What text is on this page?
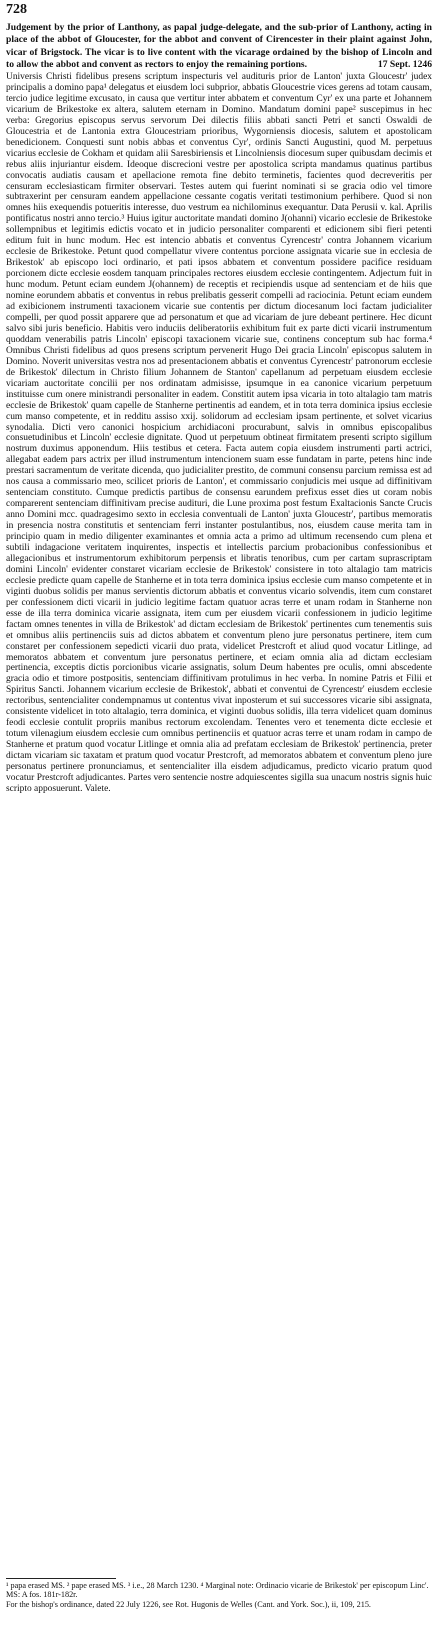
728
Judgement by the prior of Lanthony, as papal judge-delegate, and the sub-prior of Lanthony, acting in place of the abbot of Gloucester, for the abbot and convent of Cirencester in their plaint against John, vicar of Brigstock. The vicar is to live content with the vicarage ordained by the bishop of Lincoln and to allow the abbot and convent as rectors to enjoy the remaining portions.	17 Sept. 1246

Universis Christi fidelibus presens scriptum inspecturis vel audituris prior de Lanton' juxta Gloucestr' judex principalis a domino papa¹ delegatus et eiusdem loci subprior, abbatis Gloucestrie vices gerens ad totam causam, tercio judice legitime excusato, in causa que vertitur inter abbatem et conventum Cyr' ex una parte et Johannem vicarium de Brikestoke ex altera, salutem eternam in Domino. Mandatum domini pape² suscepimus in hec verba: Gregorius episcopus servus servorum Dei dilectis filiis abbati sancti Petri et sancti Oswaldi de Gloucestria et de Lantonia extra Gloucestriam prioribus, Wygorniensis diocesis, salutem et apostolicam benedicionem. Conquesti sunt nobis abbas et conventus Cyr', ordinis Sancti Augustini, quod M. perpetuus vicarius ecclesie de Cokham et quidam alii Saresbiriensis et Lincolniensis diocesum super quibusdam decimis et rebus aliis injuriantur eisdem. Ideoque discrecioni vestre per apostolica scripta mandamus quatinus partibus convocatis audiatis causam et apellacione remota fine debito terminetis, facientes quod decreveritis per censuram ecclesiasticam firmiter observari. Testes autem qui fuerint nominati si se gracia odio vel timore subtraxerint per censuram eandem appellacione cessante cogatis veritati testimonium perhibere. Quod si non omnes hiis exequendis potueritis interesse, duo vestrum ea nichilominus exequantur. Data Perusii v. kal. Aprilis pontificatus nostri anno tercio.³ Huius igitur auctoritate mandati domino J(ohanni) vicario ecclesie de Brikestoke sollempnibus et legitimis edictis vocato et in judicio personaliter comparenti et edicionem sibi fieri petenti editum fuit in hunc modum. Hec est intencio abbatis et conventus Cyrencestr' contra Johannem vicarium ecclesie de Brikestoke. Petunt quod compellatur vivere contentus porcione assignata vicarie sue in ecclesia de Brikestok' ab episcopo loci ordinario, et pati ipsos abbatem et conventum possidere pacifice residuam porcionem dicte ecclesie eosdem tanquam principales rectores eiusdem ecclesie contingentem. Adjectum fuit in hunc modum. Petunt eciam eundem J(ohannem) de receptis et recipiendis usque ad sentenciam et de hiis que nomine eorundem abbatis et conventus in rebus prelibatis gesserit compelli ad raciocinia. Petunt eciam eundem ad exibicionem instrumenti taxacionem vicarie sue contentis per dictum diocesanum loci factam judicialiter compelli, per quod possit apparere que ad personatum et que ad vicariam de jure debeant pertinere. Hec dicunt salvo sibi juris beneficio. Habitis vero induciis deliberatoriis exhibitum fuit ex parte dicti vicarii instrumentum quoddam venerabilis patris Lincoln' episcopi taxacionem vicarie sue, continens conceptum sub hac forma.⁴ Omnibus Christi fidelibus ad quos presens scriptum pervenerit Hugo Dei gracia Lincoln' episcopus salutem in Domino. Noverit universitas vestra nos ad presentacionem abbatis et conventus Cyrencestr' patronorum ecclesie de Brikestok' dilectum in Christo filium Johannem de Stanton' capellanum ad perpetuam eiusdem ecclesie vicariam auctoritate concilii per nos ordinatam admisisse, ipsumque in ea canonice vicarium perpetuum instituisse cum onere ministrandi personaliter in eadem. Constitit autem ipsa vicaria in toto altalagio tam matris ecclesie de Brikestok' quam capelle de Stanherne pertinentis ad eandem, et in tota terra dominica ipsius ecclesie cum manso competente, et in redditu assiso xxij. solidorum ad ecclesiam ipsam pertinente, et solvet vicarius synodalia. Dicti vero canonici hospicium archidiaconi procurabunt, salvis in omnibus episcopalibus consuetudinibus et Lincoln' ecclesie dignitate. Quod ut perpetuum obtineat firmitatem presenti scripto sigillum nostrum duximus apponendum. Hiis testibus et cetera. Facta autem copia eiusdem instrumenti parti actrici, allegabat eadem pars actrix per illud instrumentum intencionem suam esse fundatam in parte, petens hinc inde prestari sacramentum de veritate dicenda, quo judicialiter prestito, de communi consensu parcium remissa est ad nos causa a commissario meo, scilicet prioris de Lanton', et commissario conjudicis mei usque ad diffinitivam sentenciam constituto. Cumque predictis partibus de consensu earundem prefixus esset dies ut coram nobis comparerent sentenciam diffinitivam precise audituri, die Lune proxima post festum Exaltacionis Sancte Crucis anno Domini mcc. quadragesimo sexto in ecclesia conventuali de Lanton' juxta Gloucestr', partibus memoratis in presencia nostra constitutis et sentenciam ferri instanter postulantibus, nos, eiusdem cause merita tam in principio quam in medio diligenter examinantes et omnia acta a primo ad ultimum recensendo cum plena et subtili indagacione veritatem inquirentes, inspectis et intellectis parcium probacionibus confessionibus et allegacionibus et instrumentorum exhibitorum perpensis et libratis tenoribus, cum per cartam suprascriptam domini Lincoln' evidenter constaret vicariam ecclesie de Brikestok' consistere in toto altalagio tam matricis ecclesie predicte quam capelle de Stanherne et in tota terra dominica ipsius ecclesie cum manso competente et in viginti duobus solidis per manus servientis dictorum abbatis et conventus vicario solvendis, item cum constaret per confessionem dicti vicarii in judicio legitime factam quatuor acras terre et unam rodam in Stanherne non esse de illa terra dominica vicarie assignata, item cum per eiusdem vicarii confessionem in judicio legitime factam omnes tenentes in villa de Brikestok' ad dictam ecclesiam de Brikestok' pertinentes cum tenementis suis et omnibus aliis pertinenciis suis ad dictos abbatem et conventum pleno jure personatus pertinere, item cum constaret per confessionem sepedicti vicarii duo prata, videlicet Prestcroft et aliud quod vocatur Litlinge, ad memoratos abbatem et conventum jure personatus pertinere, et eciam omnia alia ad dictam ecclesiam pertinencia, exceptis dictis porcionibus vicarie assignatis, solum Deum habentes pre oculis, omni abscedente gracia odio et timore postpositis, sentenciam diffinitivam protulimus in hec verba. In nomine Patris et Filii et Spiritus Sancti. Johannem vicarium ecclesie de Brikestok', abbati et conventui de Cyrencestr' eiusdem ecclesie rectoribus, sentencialiter condempnamus ut contentus vivat inposterum et sui successores vicarie sibi assignata, consistente videlicet in toto altalagio, terra dominica, et viginti duobus solidis, illa terra videlicet quam dominus feodi ecclesie contulit propriis manibus rectorum excolendam. Tenentes vero et tenementa dicte ecclesie et totum vilenagium eiusdem ecclesie cum omnibus pertinenciis et quatuor acras terre et unam rodam in campo de Stanherne et pratum quod vocatur Litlinge et omnia alia ad prefatam ecclesiam de Brikestok' pertinencia, preter dictam vicariam sic taxatam et pratum quod vocatur Prestcroft, ad memoratos abbatem et conventum pleno jure personatus pertinere pronunciamus, et sentencialiter illa eisdem adjudicamus, predicto vicario pratum quod vocatur Prestcroft adjudicantes. Partes vero sentencie nostre adquiescentes sigilla sua unacum nostris signis huic scripto apposuerunt. Valete.

¹ papa erased MS. ² pape erased MS. ³ i.e., 28 March 1230. ⁴ Marginal note: Ordinacio vicarie de Brikestok' per episcopum Linc'.
MS: A fos. 181r-182r.
For the bishop's ordinance, dated 22 July 1226, see Rot. Hugonis de Welles (Cant. and York. Soc.), ii, 109, 215.
